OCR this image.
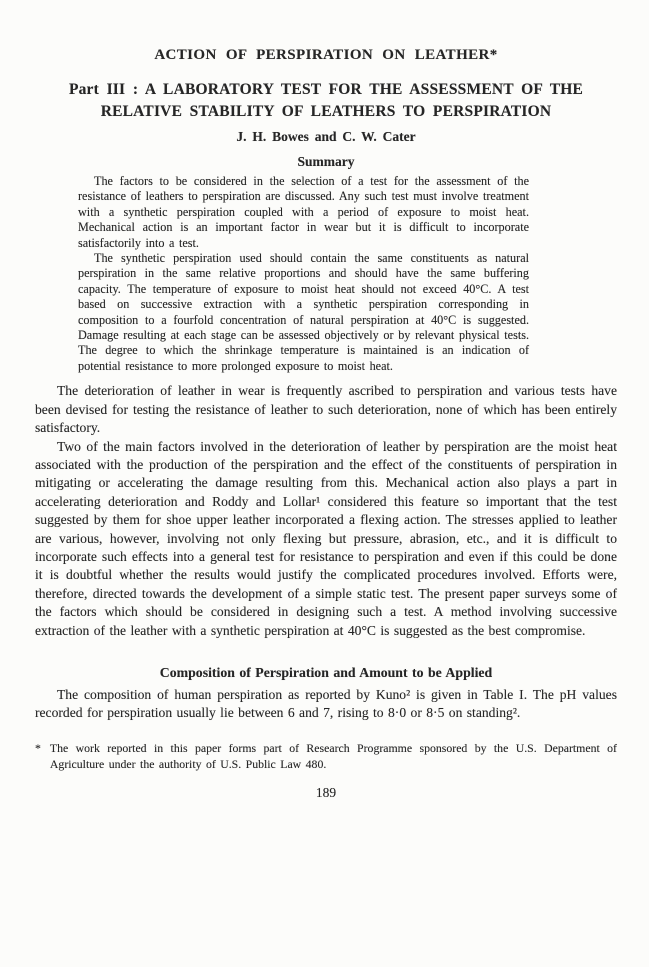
ACTION OF PERSPIRATION ON LEATHER*
Part III : A LABORATORY TEST FOR THE ASSESSMENT OF THE
RELATIVE STABILITY OF LEATHERS TO PERSPIRATION
J. H. Bowes and C. W. Cater
Summary

The factors to be considered in the selection of a test for the assessment of the resistance of leathers to perspiration are discussed. Any such test must involve treatment with a synthetic perspiration coupled with a period of exposure to moist heat. Mechanical action is an important factor in wear but it is difficult to incorporate satisfactorily into a test.

The synthetic perspiration used should contain the same constituents as natural perspiration in the same relative proportions and should have the same buffering capacity. The temperature of exposure to moist heat should not exceed 40°C. A test based on successive extraction with a synthetic perspiration corresponding in composition to a fourfold concentration of natural perspiration at 40°C is suggested. Damage resulting at each stage can be assessed objectively or by relevant physical tests. The degree to which the shrinkage temperature is maintained is an indication of potential resistance to more prolonged exposure to moist heat.

The deterioration of leather in wear is frequently ascribed to perspiration and various tests have been devised for testing the resistance of leather to such deterioration, none of which has been entirely satisfactory.

Two of the main factors involved in the deterioration of leather by perspiration are the moist heat associated with the production of the perspiration and the effect of the constituents of perspiration in mitigating or accelerating the damage resulting from this. Mechanical action also plays a part in accelerating deterioration and Roddy and Lollar¹ considered this feature so important that the test suggested by them for shoe upper leather incorporated a flexing action. The stresses applied to leather are various, however, involving not only flexing but pressure, abrasion, etc., and it is difficult to incorporate such effects into a general test for resistance to perspiration and even if this could be done it is doubtful whether the results would justify the complicated procedures involved. Efforts were, therefore, directed towards the development of a simple static test. The present paper surveys some of the factors which should be considered in designing such a test. A method involving successive extraction of the leather with a synthetic perspiration at 40°C is suggested as the best compromise.

Composition of Perspiration and Amount to be Applied

The composition of human perspiration as reported by Kuno² is given in Table I. The pH values recorded for perspiration usually lie between 6 and 7, rising to 8·0 or 8·5 on standing².

* The work reported in this paper forms part of Research Programme sponsored by the U.S. Department of Agriculture under the authority of U.S. Public Law 480.
189
